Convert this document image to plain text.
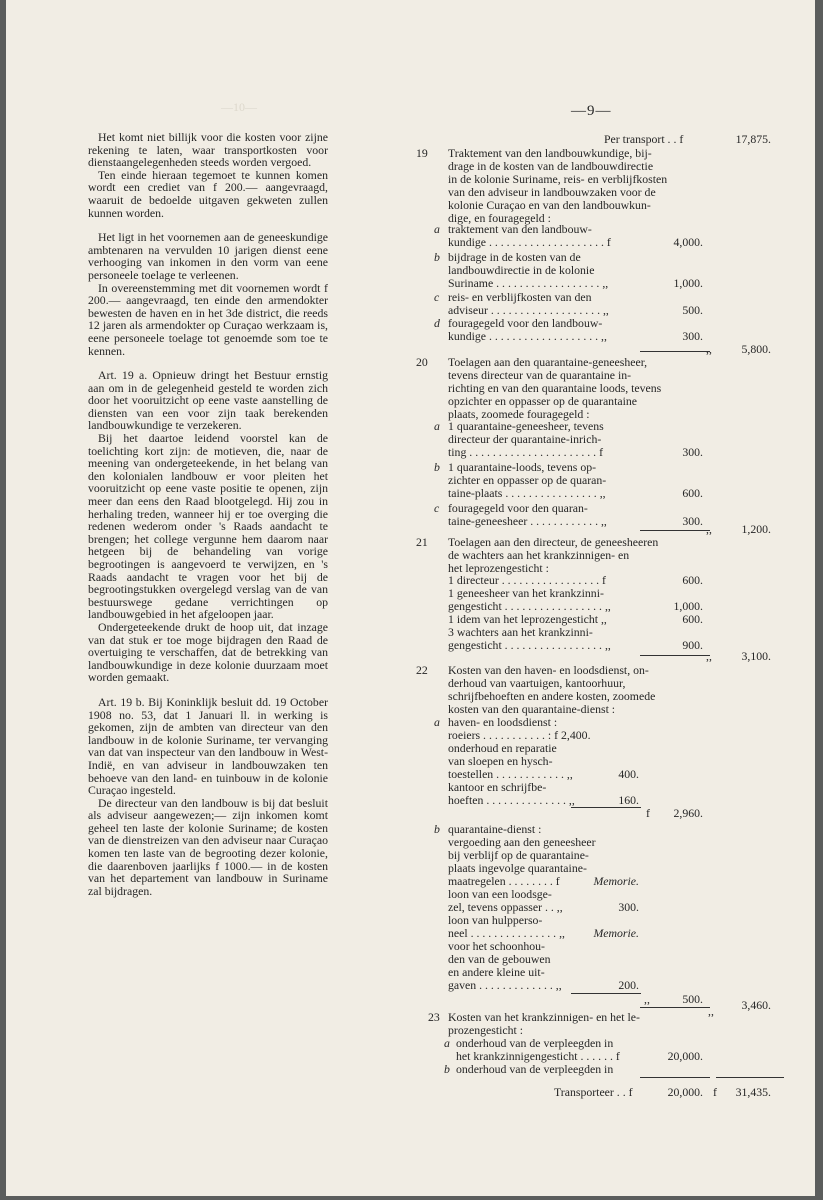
—10—	—9—

Het komt niet billijk voor die kosten voor zijne rekening te laten, waar transportkosten voor dienstaangelegenheden steeds worden vergoed.

Ten einde hieraan tegemoet te kunnen komen wordt een crediet van f 200.— aangevraagd, waaruit de bedoelde uitgaven gekweten zullen kunnen worden.

Het ligt in het voornemen aan de geneeskundige ambtenaren na vervulden 10 jarigen dienst eene verhooging van inkomen in den vorm van eene personeele toelage te verleenen.

In overeenstemming met dit voornemen wordt f 200.— aangevraagd, ten einde den armendokter bewesten de haven en in het 3de district, die reeds 12 jaren als armendokter op Curaçao werkzaam is, eene personeele toelage tot genoemde som toe te kennen.

Art. 19 a. Opnieuw dringt het Bestuur ernstig aan om in de gelegenheid gesteld te worden zich door het vooruitzicht op eene vaste aanstelling de diensten van een voor zijn taak berekenden landbouwkundige te verzekeren.

Bij het daartoe leidend voorstel kan de toelichting kort zijn: de motieven, die, naar de meening van ondergeteekende, in het belang van den kolonialen landbouw er voor pleiten het vooruitzicht op eene vaste positie te openen, zijn meer dan eens den Raad blootgelegd. Hij zou in herhaling treden, wanneer hij er toe overging die redenen wederom onder 's Raads aandacht te brengen; het college vergunne hem daarom naar hetgeen bij de behandeling van vorige begrootingen is aangevoerd te verwijzen, en 's Raads aandacht te vragen voor het bij de begrootingstukken overgelegd verslag van de van bestuurswege gedane verrichtingen op landbouwgebied in het afgeloopen jaar.

Ondergeteekende drukt de hoop uit, dat inzage van dat stuk er toe moge bijdragen den Raad de overtuiging te verschaffen, dat de betrekking van landbouwkundige in deze kolonie duurzaam moet worden gemaakt.

Art. 19 b. Bij Koninklijk besluit dd. 19 October 1908 no. 53, dat 1 Januari ll. in werking is gekomen, zijn de ambten van directeur van den landbouw in de kolonie Suriname, ter vervanging van dat van inspecteur van den landbouw in West-Indië, en van adviseur in landbouwzaken ten behoeve van den land- en tuinbouw in de kolonie Curaçao ingesteld.

De directeur van den landbouw is bij dat besluit als adviseur aangewezen;— zijn inkomen komt geheel ten laste der kolonie Suriname; de kosten van de dienstreizen van den adviseur naar Curaçao komen ten laste van de begrooting dezer kolonie, die daarenboven jaarlijks f 1000.— in de kosten van het departement van landbouw in Suriname zal bijdragen.

Per transport . . f	17,875.
19 Traktement van den landbouwkundige, bij-
drage in de kosten van de landbouwdirectie
in de kolonie Suriname, reis- en verblijfkosten
van den adviseur in landbouwzaken voor de
kolonie Curaçao en van den landbouwkun-
dige, en fouragegeld :
a traktement van den landbouw-
kundige . . . . . . . . . . . . . . . . . . . . f	4,000.
b bijdrage in de kosten van de
landbouwdirectie in de kolonie
Suriname . . . . . . . . . . . . . . . . . . ,,	1,000.
c reis- en verblijfkosten van den
adviseur . . . . . . . . . . . . . . . . . . . ,,	500.
d fouragegeld voor den landbouw-
kundige . . . . . . . . . . . . . . . . . . . ,,	300.
,,	5,800.
20 Toelagen aan den quarantaine-geneesheer,
tevens directeur van de quarantaine in-
richting en van den quarantaine loods, tevens
opzichter en oppasser op de quarantaine
plaats, zoomede fouragegeld :
a 1 quarantaine-geneesheer, tevens
directeur der quarantaine-inrich-
ting . . . . . . . . . . . . . . . . . . . . . . f	300.
b 1 quarantaine-loods, tevens op-
zichter en oppasser op de quaran-
taine-plaats . . . . . . . . . . . . . . . . ,,	600.
c fouragegeld voor den quaran-
taine-geneesheer . . . . . . . . . . . . ,,	300.
,,	1,200.
21 Toelagen aan den directeur, de geneesheeren
de wachters aan het krankzinnigen- en
het leprozengesticht :
1 directeur . . . . . . . . . . . . . . . . . f	600.
1 geneesheer van het krankzinni-
gengesticht . . . . . . . . . . . . . . . . . ,,	1,000.
1 idem van het leprozengesticht ,,	600.
3 wachters aan het krankzinni-
gengesticht . . . . . . . . . . . . . . . . . ,,	900.
,,	3,100.
22 Kosten van den haven- en loodsdienst, on-
derhoud van vaartuigen, kantoorhuur,
schrijfbehoeften en andere kosten, zoomede
kosten van den quarantaine-dienst :
a haven- en loodsdienst :
roeiers . . . . . . . . . . . : f 2,400.
onderhoud en reparatie
van sloepen en hysch-
toestellen . . . . . . . . . . . . ,,	400.
kantoor en schrijfbe-
hoeften . . . . . . . . . . . . . . ,,	160.
f 2,960.
b quarantaine-dienst :
vergoeding aan den geneesheer
bij verblijf op de quarantaine-
plaats ingevolge quarantaine-
maatregelen . . . . . . . . f	Memorie.
loon van een loodsge-
zel, tevens oppasser . . ,,	300.
loon van hulpperso-
neel . . . . . . . . . . . . . . . ,, Memorie.
voor het schoonhou-
den van de gebouwen
en andere kleine uit-
gaven . . . . . . . . . . . . . ,,	200.
,,	500.
,, 3,460.
23 Kosten van het krankzinnigen- en het le-
prozengesticht :
a onderhoud van de verpleegden in
het krankzinnigengesticht . . . . . . f	20,000.
b onderhoud van de verpleegden in
Transporteer . . f	20,000. f 31,435.
